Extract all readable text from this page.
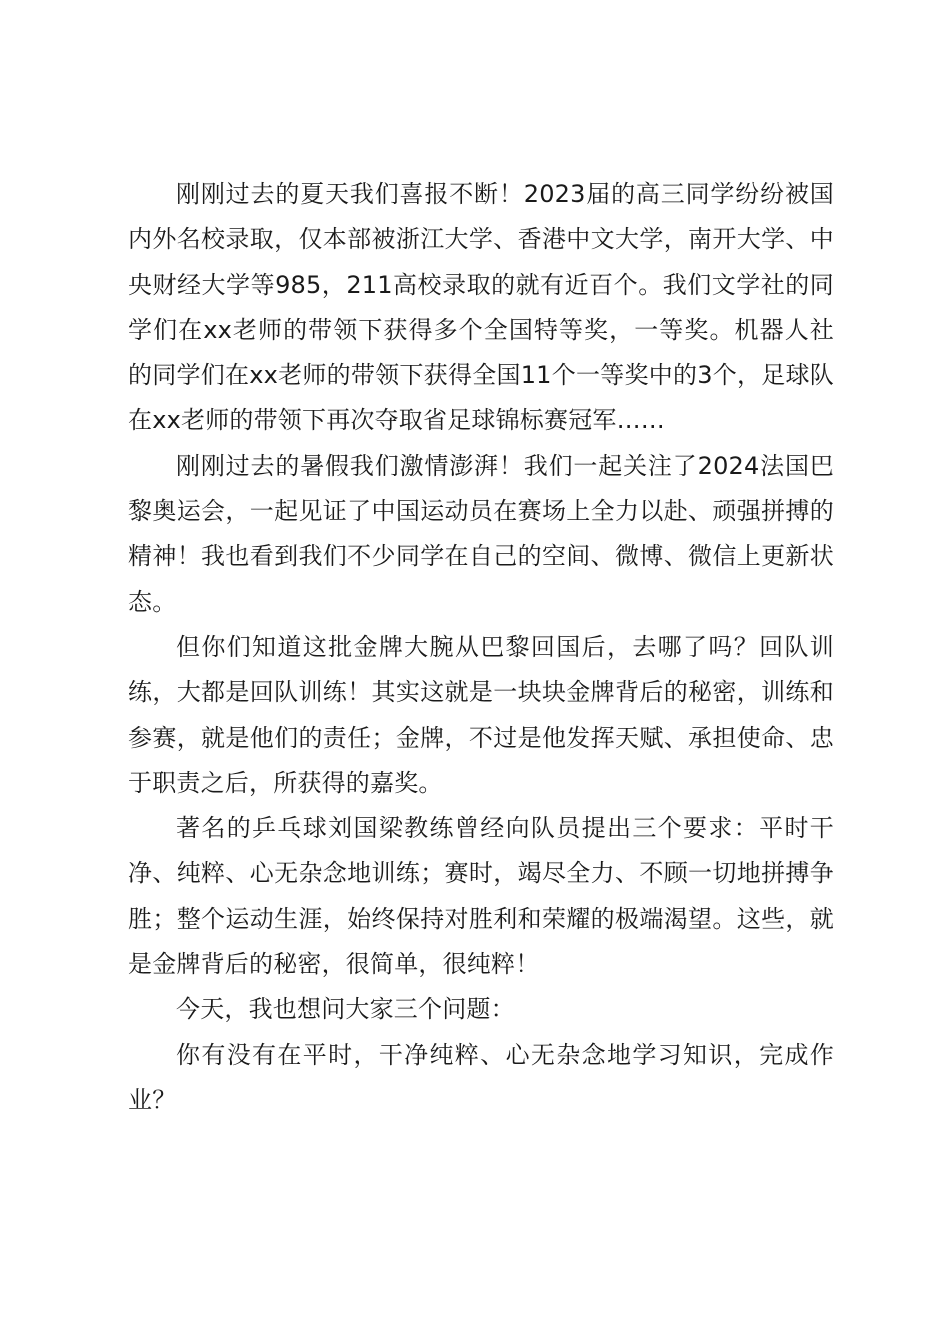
刚刚过去的夏天我们喜报不断！2023届的高三同学纷纷被国内外名校录取，仅本部被浙江大学、香港中文大学，南开大学、中央财经大学等985，211高校录取的就有近百个。我们文学社的同学们在xx老师的带领下获得多个全国特等奖，一等奖。机器人社的同学们在xx老师的带领下获得全国11个一等奖中的3个，足球队在xx老师的带领下再次夺取省足球锦标赛冠军……

刚刚过去的暑假我们激情澎湃！我们一起关注了2024法国巴黎奥运会，一起见证了中国运动员在赛场上全力以赴、顽强拼搏的精神！我也看到我们不少同学在自己的空间、微博、微信上更新状态。

但你们知道这批金牌大腕从巴黎回国后，去哪了吗？回队训练，大都是回队训练！其实这就是一块块金牌背后的秘密，训练和参赛，就是他们的责任；金牌，不过是他发挥天赋、承担使命、忠于职责之后，所获得的嘉奖。

著名的乒乓球刘国梁教练曾经向队员提出三个要求：平时干净、纯粹、心无杂念地训练；赛时，竭尽全力、不顾一切地拼搏争胜；整个运动生涯，始终保持对胜利和荣耀的极端渴望。这些，就是金牌背后的秘密，很简单，很纯粹！

今天，我也想问大家三个问题：

你有没有在平时，干净纯粹、心无杂念地学习知识，完成作业？
